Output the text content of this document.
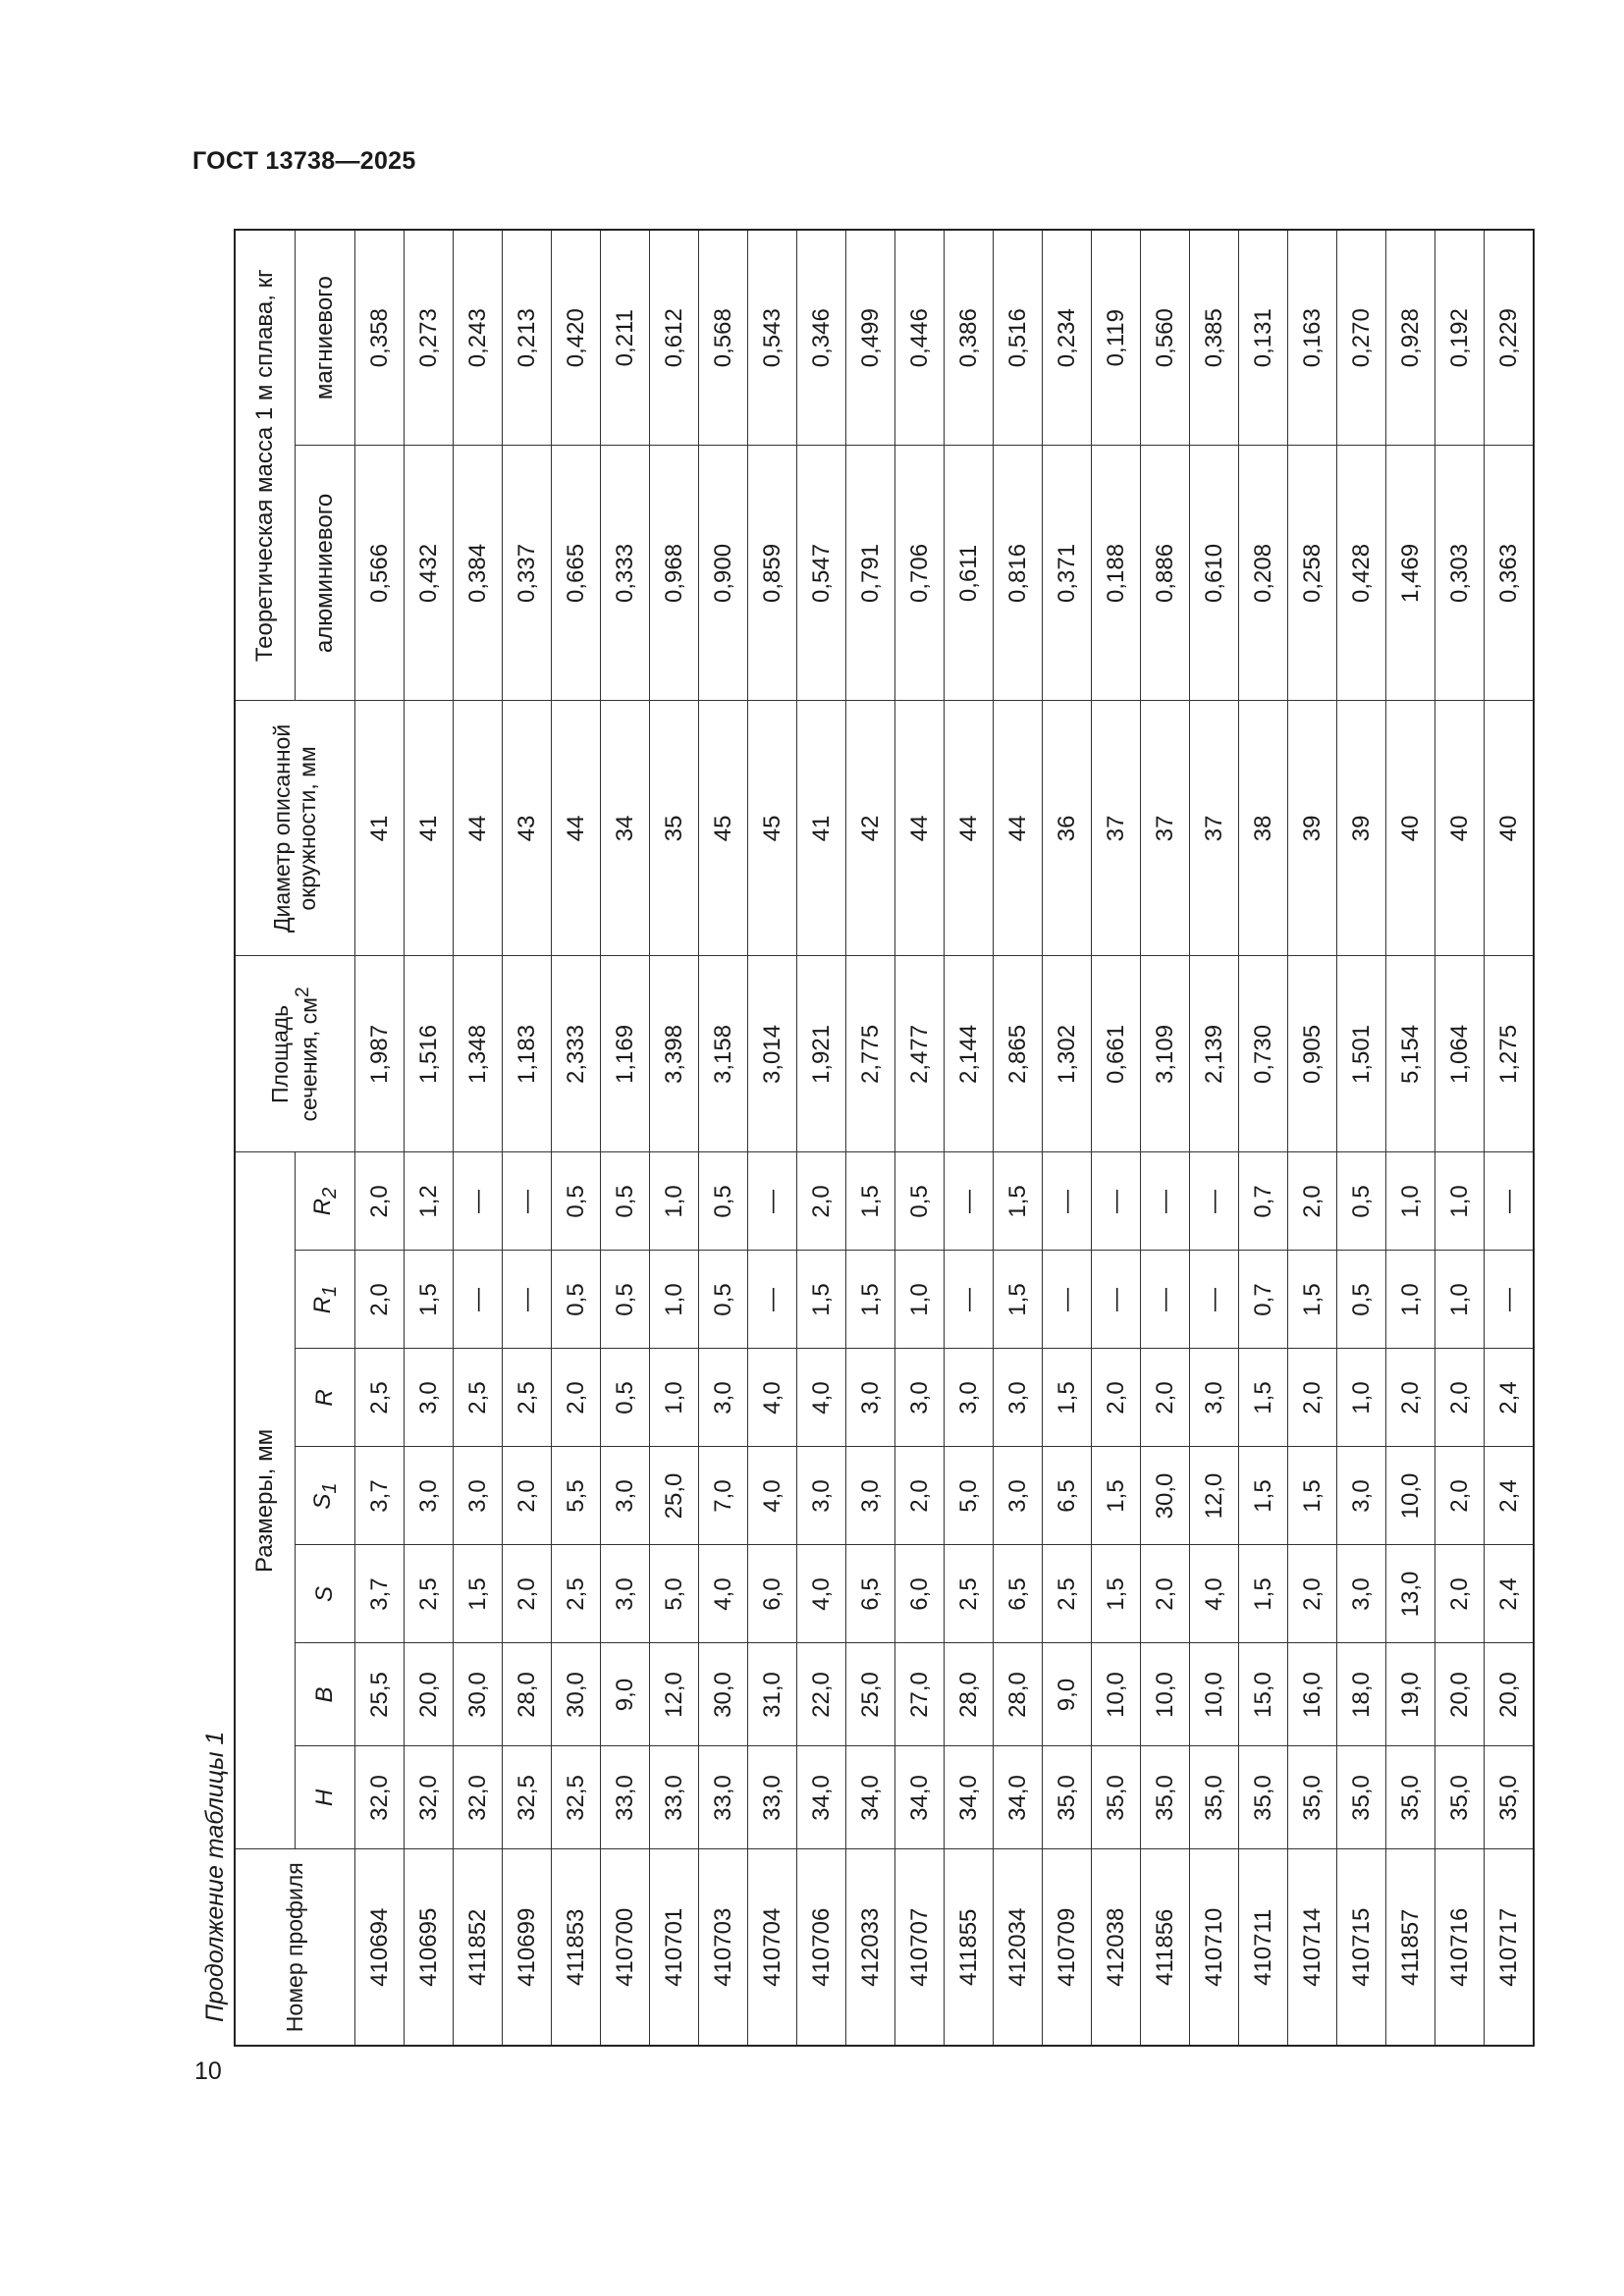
ГОСТ 13738—2025
Продолжение таблицы 1
10
Номер профиля	Размеры, мм							Площадь сечения, $см^2$	Диаметр описанной окружности, мм	Теоретическая масса 1 м сплава, кг	
	H	B	S	$S_1$	R	$R_1$	$R_2$			алюминиевого	магниевого
410694	32,0	25,5	3,7	3,7	2,5	2,0	2,0	1,987	41	0,566	0,358
410695	32,0	20,0	2,5	3,0	3,0	1,5	1,2	1,516	41	0,432	0,273
411852	32,0	30,0	1,5	3,0	2,5	—	—	1,348	44	0,384	0,243
410699	32,5	28,0	2,0	2,0	2,5	—	—	1,183	43	0,337	0,213
411853	32,5	30,0	2,5	5,5	2,0	0,5	0,5	2,333	44	0,665	0,420
410700	33,0	9,0	3,0	3,0	0,5	0,5	0,5	1,169	34	0,333	0,211
410701	33,0	12,0	5,0	25,0	1,0	1,0	1,0	3,398	35	0,968	0,612
410703	33,0	30,0	4,0	7,0	3,0	0,5	0,5	3,158	45	0,900	0,568
410704	33,0	31,0	6,0	4,0	4,0	—	—	3,014	45	0,859	0,543
410706	34,0	22,0	4,0	3,0	4,0	1,5	2,0	1,921	41	0,547	0,346
412033	34,0	25,0	6,5	3,0	3,0	1,5	1,5	2,775	42	0,791	0,499
410707	34,0	27,0	6,0	2,0	3,0	1,0	0,5	2,477	44	0,706	0,446
411855	34,0	28,0	2,5	5,0	3,0	—	—	2,144	44	0,611	0,386
412034	34,0	28,0	6,5	3,0	3,0	1,5	1,5	2,865	44	0,816	0,516
410709	35,0	9,0	2,5	6,5	1,5	—	—	1,302	36	0,371	0,234
412038	35,0	10,0	1,5	1,5	2,0	—	—	0,661	37	0,188	0,119
411856	35,0	10,0	2,0	30,0	2,0	—	—	3,109	37	0,886	0,560
410710	35,0	10,0	4,0	12,0	3,0	—	—	2,139	37	0,610	0,385
410711	35,0	15,0	1,5	1,5	1,5	0,7	0,7	0,730	38	0,208	0,131
410714	35,0	16,0	2,0	1,5	2,0	1,5	2,0	0,905	39	0,258	0,163
410715	35,0	18,0	3,0	3,0	1,0	0,5	0,5	1,501	39	0,428	0,270
411857	35,0	19,0	13,0	10,0	2,0	1,0	1,0	5,154	40	1,469	0,928
410716	35,0	20,0	2,0	2,0	2,0	1,0	1,0	1,064	40	0,303	0,192
410717	35,0	20,0	2,4	2,4	2,4	—	—	1,275	40	0,363	0,229
